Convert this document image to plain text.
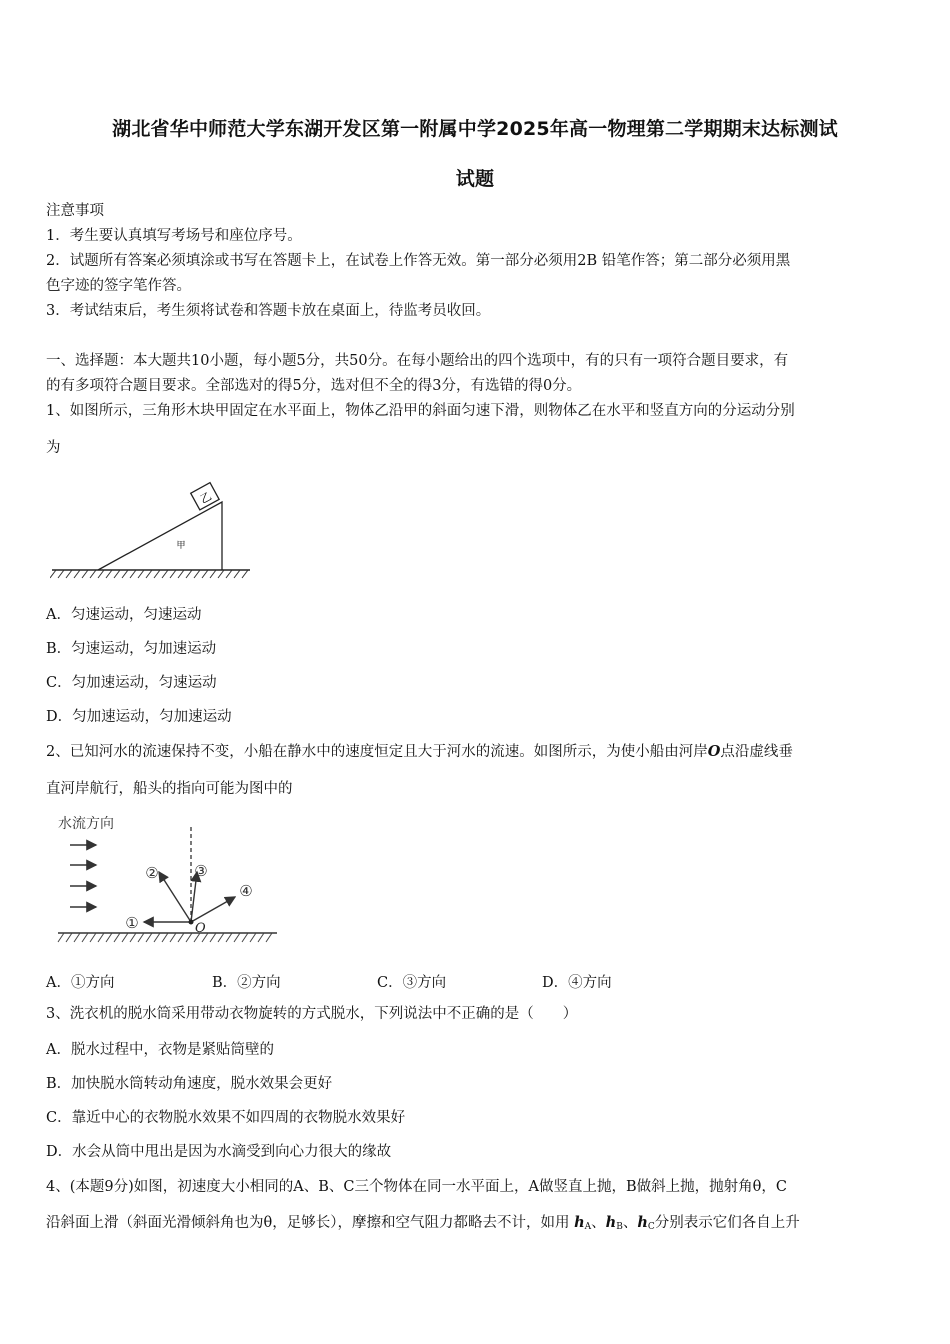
湖北省华中师范大学东湖开发区第一附属中学2025年高一物理第二学期期末达标测试
试题
注意事项
1．考生要认真填写考场号和座位序号。
2．试题所有答案必须填涂或书写在答题卡上，在试卷上作答无效。第一部分必须用2B 铅笔作答；第二部分必须用黑
色字迹的签字笔作答。
3．考试结束后，考生须将试卷和答题卡放在桌面上，待监考员收回。
一、选择题：本大题共10小题，每小题5分，共50分。在每小题给出的四个选项中，有的只有一项符合题目要求，有
的有多项符合题目要求。全部选对的得5分，选对但不全的得3分，有选错的得0分。
1、如图所示，三角形木块甲固定在水平面上，物体乙沿甲的斜面匀速下滑，则物体乙在水平和竖直方向的分运动分别
为
乙
甲
A．匀速运动，匀速运动
B．匀速运动，匀加速运动
C．匀加速运动，匀速运动
D．匀加速运动，匀加速运动
2、已知河水的流速保持不变，小船在静水中的速度恒定且大于河水的流速。如图所示，为使小船由河岸O点沿虚线垂
直河岸航行，船头的指向可能为图中的
水流方向
O
①
② ③
④
A．①方向	B．②方向	C．③方向	D．④方向
3、洗衣机的脱水筒采用带动衣物旋转的方式脱水，下列说法中不正确的是（　　）
A．脱水过程中，衣物是紧贴筒壁的
B．加快脱水筒转动角速度，脱水效果会更好
C．靠近中心的衣物脱水效果不如四周的衣物脱水效果好
D．水会从筒中甩出是因为水滴受到向心力很大的缘故
4、(本题9分)如图，初速度大小相同的A、B、C三个物体在同一水平面上，A做竖直上抛，B做斜上抛，抛射角θ，C
沿斜面上滑（斜面光滑倾斜角也为θ，足够长），摩擦和空气阻力都略去不计，如用 $h_A$、$h_B$、$h_C$分别表示它们各自上升
